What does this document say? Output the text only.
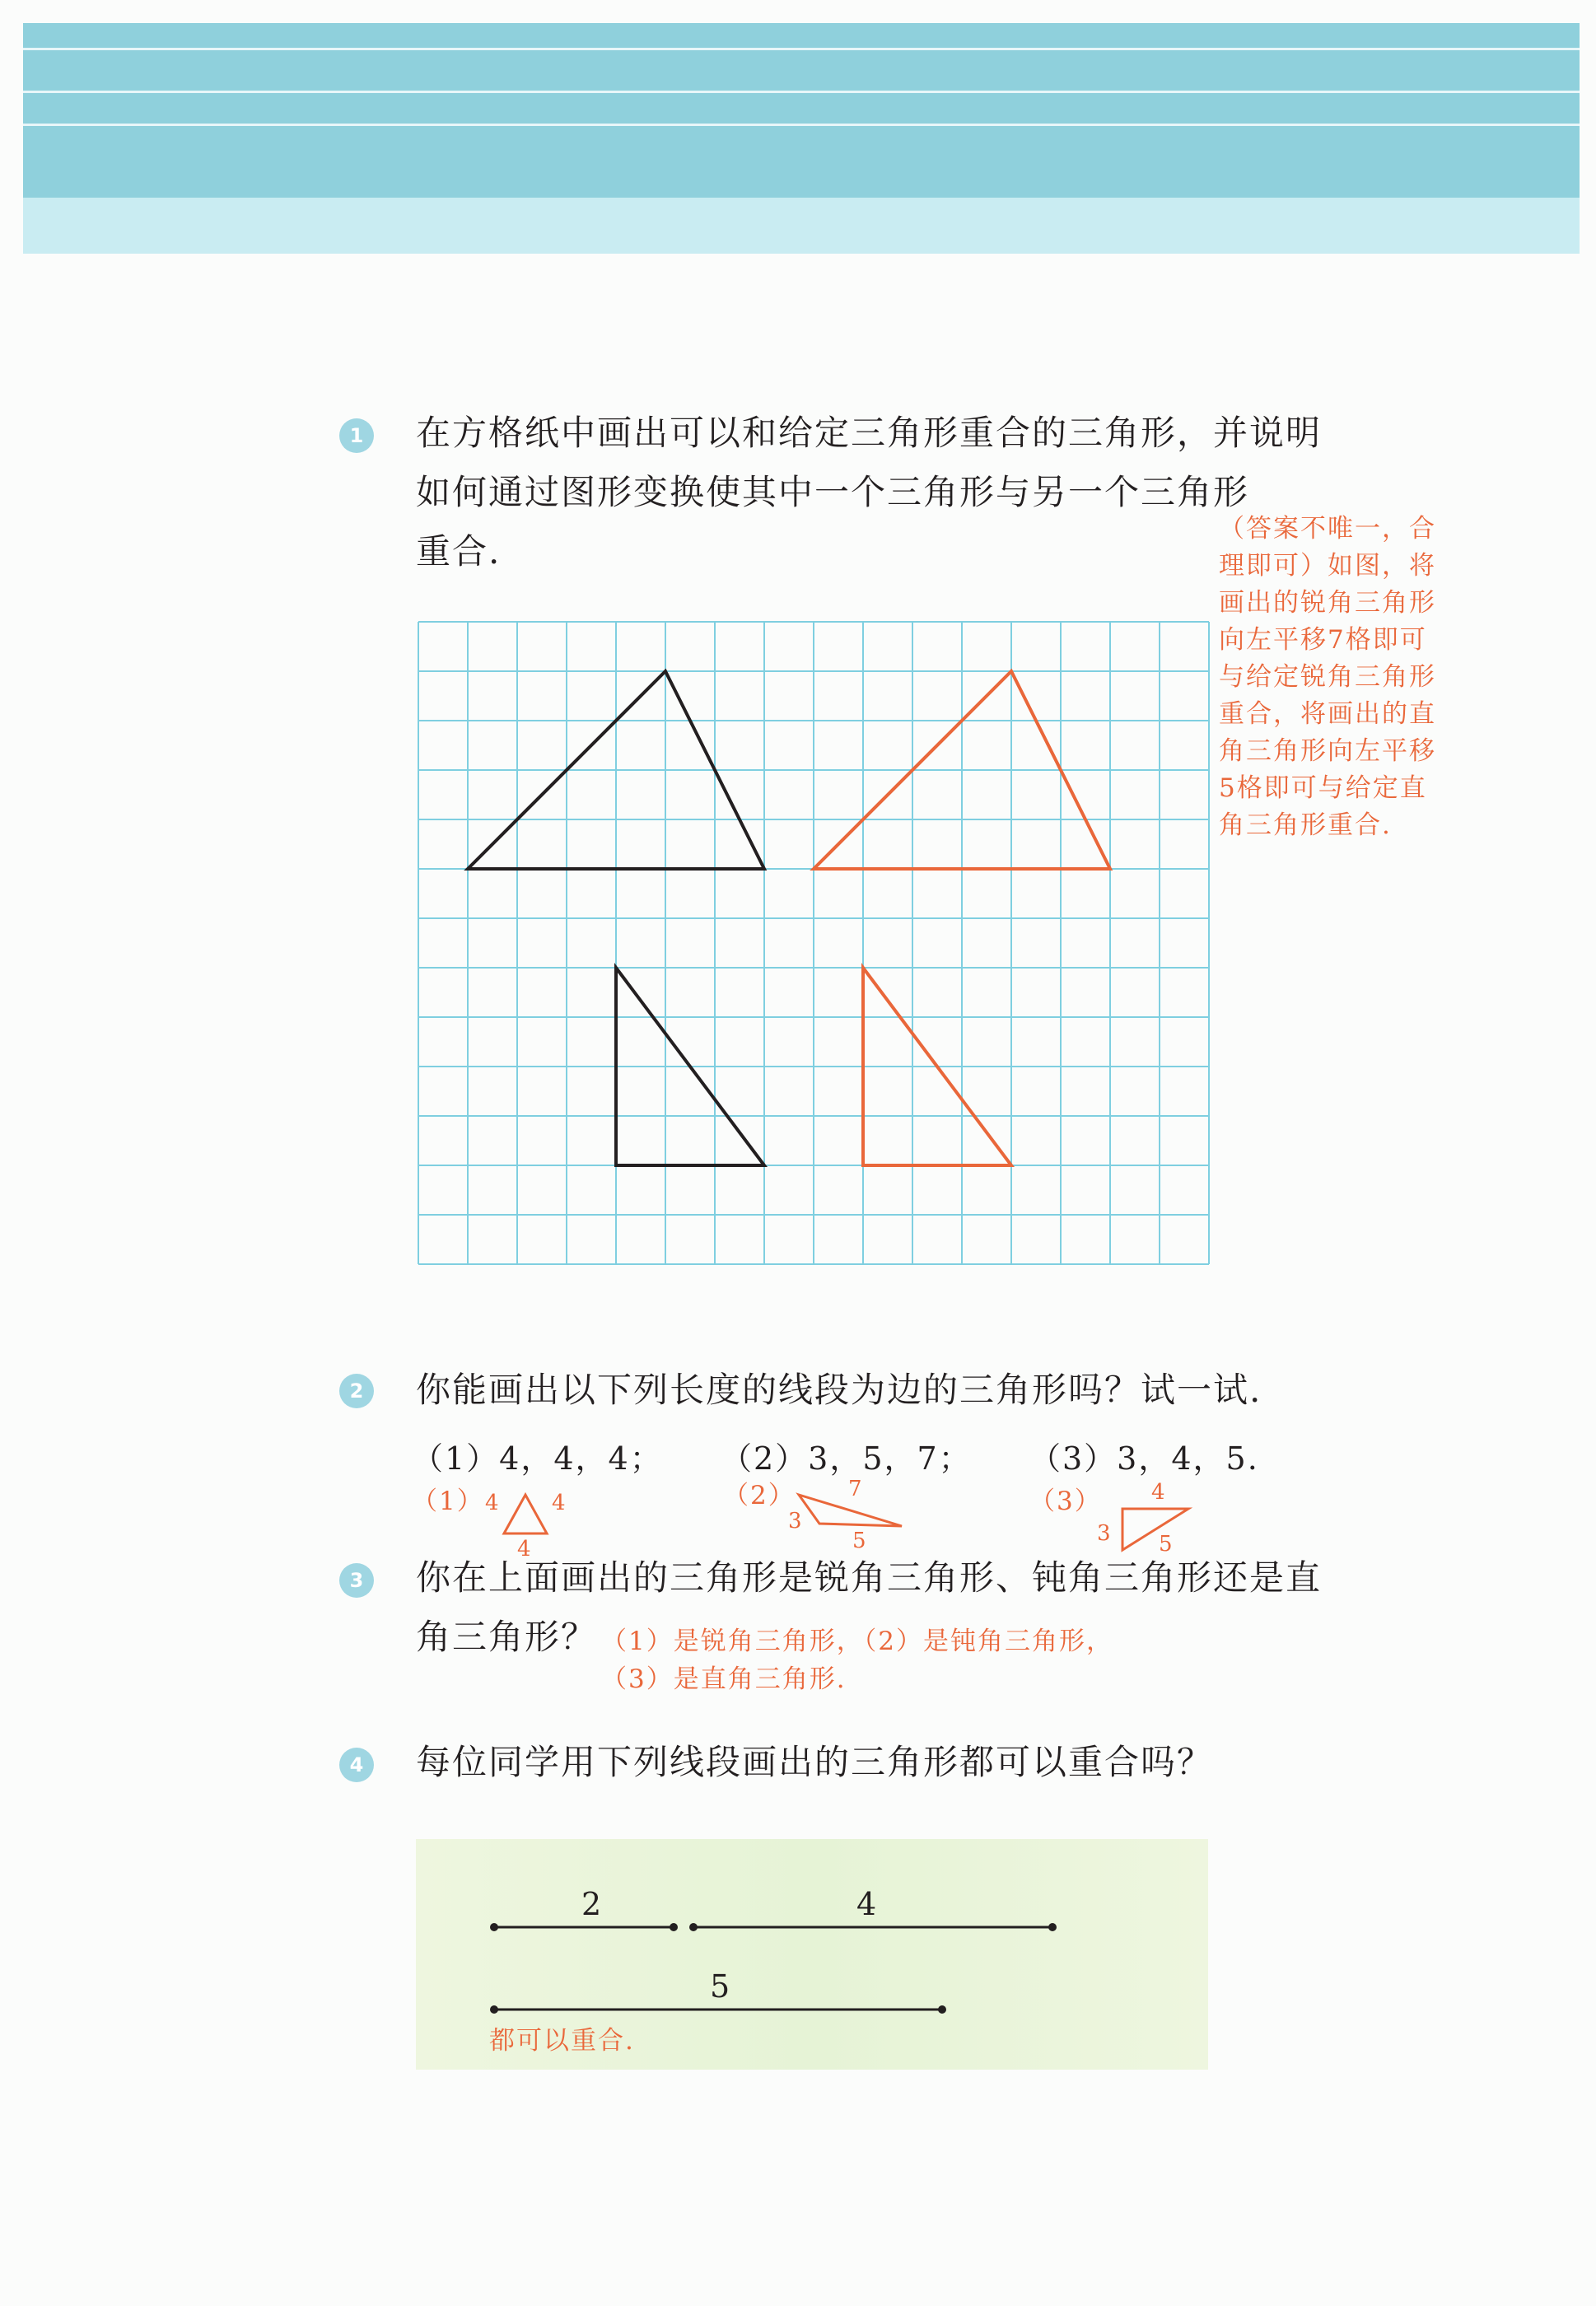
1	在方格纸中画出可以和给定三角形重合的三角形，并说明
如何通过图形变换使其中一个三角形与另一个三角形
重合.
（答案不唯一，合
理即可）如图，将
画出的锐角三角形
向左平移7格即可
与给定锐角三角形
重合，将画出的直
角三角形向左平移
5格即可与给定直
角三角形重合.
2	你能画出以下列长度的线段为边的三角形吗？试一试.
（1）4，4，4； （2）3，5，7； （3）3，4，5.
（1）	（2）	（3）
4 4
4
7
3
5
4
3 5
3	你在上面画出的三角形是锐角三角形、钝角三角形还是直
角三角形？ （1）是锐角三角形，（2）是钝角三角形，
（3）是直角三角形.
4	每位同学用下列线段画出的三角形都可以重合吗？
2	4
5
都可以重合.
